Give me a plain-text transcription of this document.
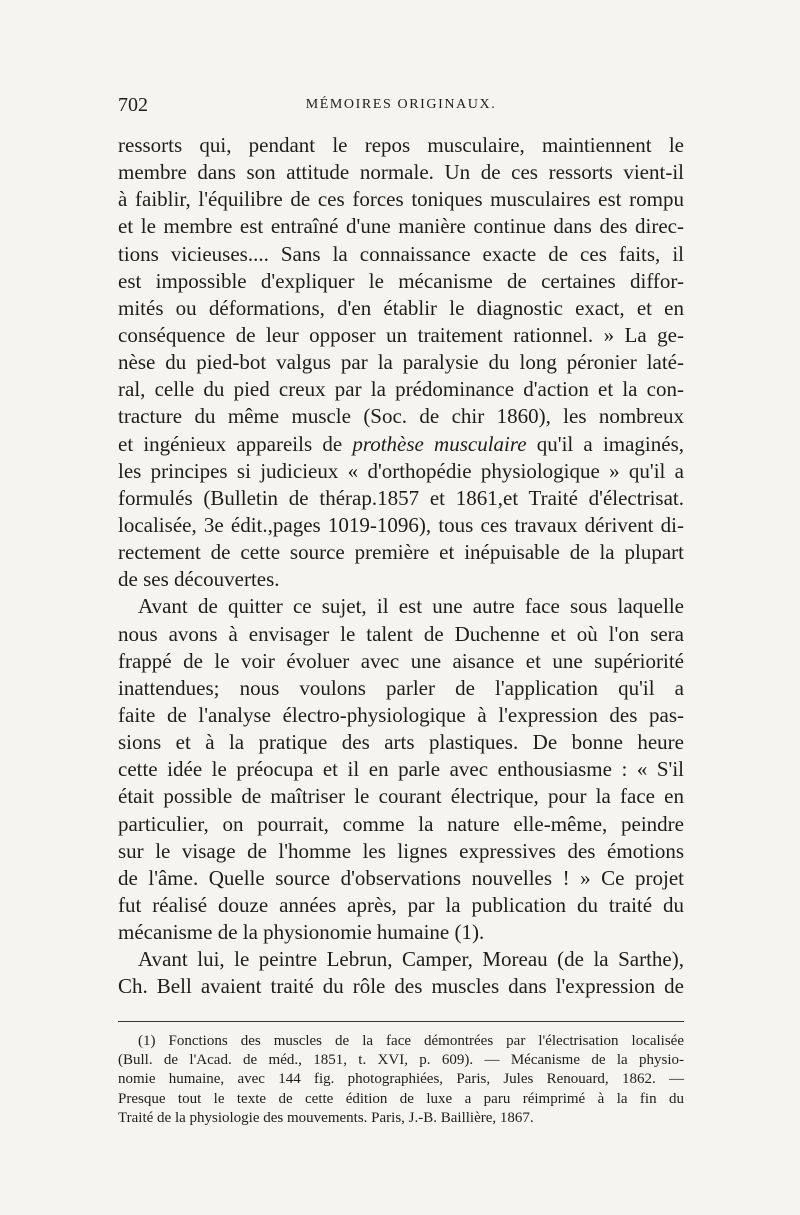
702	MÉMOIRES ORIGINAUX.
ressorts qui, pendant le repos musculaire, maintiennent le
membre dans son attitude normale. Un de ces ressorts vient-il
à faiblir, l'équilibre de ces forces toniques musculaires est rompu
et le membre est entraîné d'une manière continue dans des direc-
tions vicieuses.... Sans la connaissance exacte de ces faits, il
est impossible d'expliquer le mécanisme de certaines diffor-
mités ou déformations, d'en établir le diagnostic exact, et en
conséquence de leur opposer un traitement rationnel. » La ge-
nèse du pied-bot valgus par la paralysie du long péronier laté-
ral, celle du pied creux par la prédominance d'action et la con-
tracture du même muscle (Soc. de chir 1860), les nombreux
et ingénieux appareils de prothèse musculaire qu'il a imaginés,
les principes si judicieux « d'orthopédie physiologique » qu'il a
formulés (Bulletin de thérap.1857 et 1861,et Traité d'électrisat.
localisée, 3e édit.,pages 1019-1096), tous ces travaux dérivent di-
rectement de cette source première et inépuisable de la plupart
de ses découvertes.
Avant de quitter ce sujet, il est une autre face sous laquelle
nous avons à envisager le talent de Duchenne et où l'on sera
frappé de le voir évoluer avec une aisance et une supériorité
inattendues; nous voulons parler de l'application qu'il a
faite de l'analyse électro-physiologique à l'expression des pas-
sions et à la pratique des arts plastiques. De bonne heure
cette idée le préocupa et il en parle avec enthousiasme : « S'il
était possible de maîtriser le courant électrique, pour la face en
particulier, on pourrait, comme la nature elle-même, peindre
sur le visage de l'homme les lignes expressives des émotions
de l'âme. Quelle source d'observations nouvelles ! » Ce projet
fut réalisé douze années après, par la publication du traité du
mécanisme de la physionomie humaine (1).
Avant lui, le peintre Lebrun, Camper, Moreau (de la Sarthe),
Ch. Bell avaient traité du rôle des muscles dans l'expression de
(1) Fonctions des muscles de la face démontrées par l'électrisation localisée
(Bull. de l'Acad. de méd., 1851, t. XVI, p. 609). — Mécanisme de la physio-
nomie humaine, avec 144 fig. photographiées, Paris, Jules Renouard, 1862. —
Presque tout le texte de cette édition de luxe a paru réimprimé à la fin du
Traité de la physiologie des mouvements. Paris, J.-B. Baillière, 1867.
